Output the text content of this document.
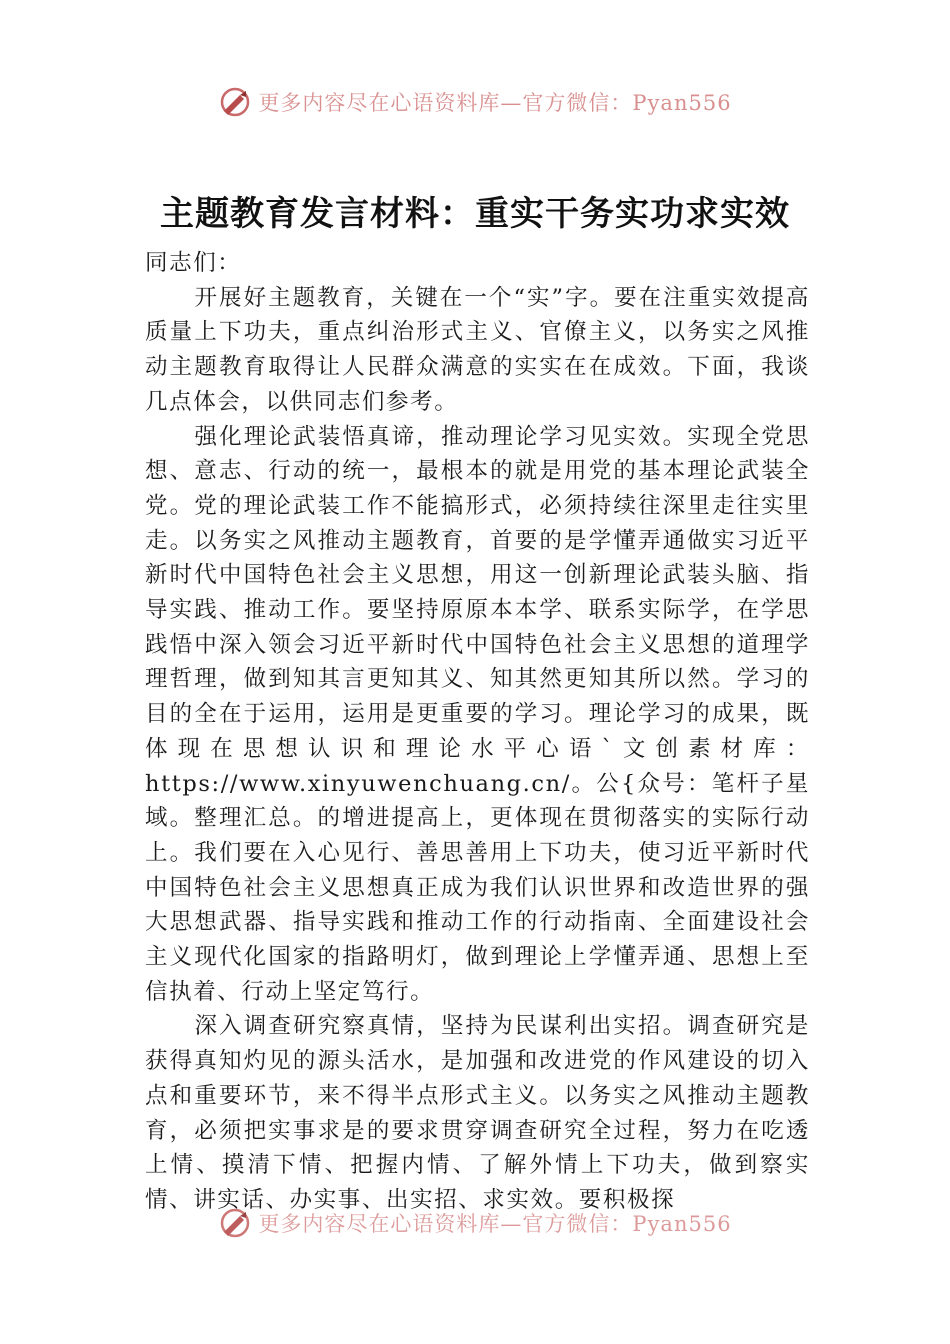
更多内容尽在心语资料库—官方微信：Pyan556
主题教育发言材料：重实干务实功求实效

同志们：

开展好主题教育，关键在一个“实”字。要在注重实效提高质量上下功夫，重点纠治形式主义、官僚主义，以务实之风推动主题教育取得让人民群众满意的实实在在成效。下面，我谈几点体会，以供同志们参考。

强化理论武装悟真谛，推动理论学习见实效。实现全党思想、意志、行动的统一，最根本的就是用党的基本理论武装全党。党的理论武装工作不能搞形式，必须持续往深里走往实里走。以务实之风推动主题教育，首要的是学懂弄通做实习近平新时代中国特色社会主义思想，用这一创新理论武装头脑、指导实践、推动工作。要坚持原原本本学、联系实际学，在学思践悟中深入领会习近平新时代中国特色社会主义思想的道理学理哲理，做到知其言更知其义、知其然更知其所以然。学习的目的全在于运用，运用是更重要的学习。理论学习的成果，既体现在思想认识和理论水平心语`文创素材库：https://www.xinyuwenchuang.cn/。公{众号：笔杆子星域。整理汇总。的增进提高上，更体现在贯彻落实的实际行动上。我们要在入心见行、善思善用上下功夫，使习近平新时代中国特色社会主义思想真正成为我们认识世界和改造世界的强大思想武器、指导实践和推动工作的行动指南、全面建设社会主义现代化国家的指路明灯，做到理论上学懂弄通、思想上至信执着、行动上坚定笃行。

深入调查研究察真情，坚持为民谋利出实招。调查研究是获得真知灼见的源头活水，是加强和改进党的作风建设的切入点和重要环节，来不得半点形式主义。以务实之风推动主题教育，必须把实事求是的要求贯穿调查研究全过程，努力在吃透上情、摸清下情、把握内情、了解外情上下功夫，做到察实情、讲实话、办实事、出实招、求实效。要积极探

更多内容尽在心语资料库—官方微信：Pyan556
